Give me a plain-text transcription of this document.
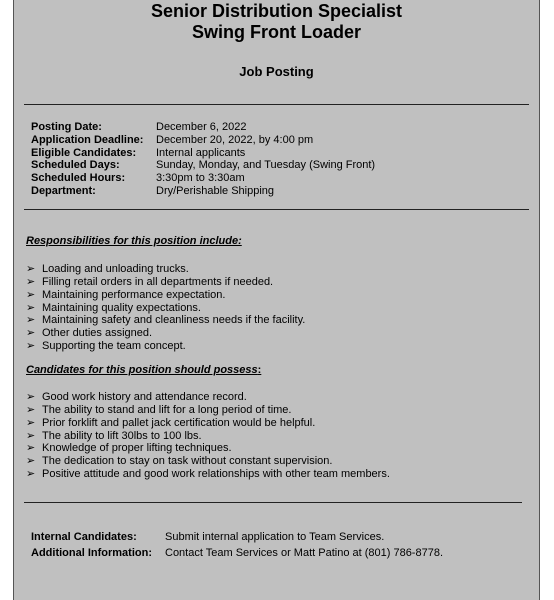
Senior Distribution Specialist
Swing Front Loader
Job Posting
Posting Date:	December 6, 2022
Application Deadline: December 20, 2022, by 4:00 pm
Eligible Candidates: Internal applicants
Scheduled Days:	Sunday, Monday, and Tuesday (Swing Front)
Scheduled Hours:	3:30pm to 3:30am
Department:	Dry/Perishable Shipping
Responsibilities for this position include:
➢ Loading and unloading trucks.
➢ Filling retail orders in all departments if needed.
➢ Maintaining performance expectation.
➢ Maintaining quality expectations.
➢ Maintaining safety and cleanliness needs if the facility.
➢ Other duties assigned.
➢ Supporting the team concept.
Candidates for this position should possess:
➢ Good work history and attendance record.
➢ The ability to stand and lift for a long period of time.
➢ Prior forklift and pallet jack certification would be helpful.
➢ The ability to lift 30lbs to 100 lbs.
➢ Knowledge of proper lifting techniques.
➢ The dedication to stay on task without constant supervision.
➢ Positive attitude and good work relationships with other team members.
Internal Candidates:	Submit internal application to Team Services.
Additional Information: Contact Team Services or Matt Patino at (801) 786-8778.
